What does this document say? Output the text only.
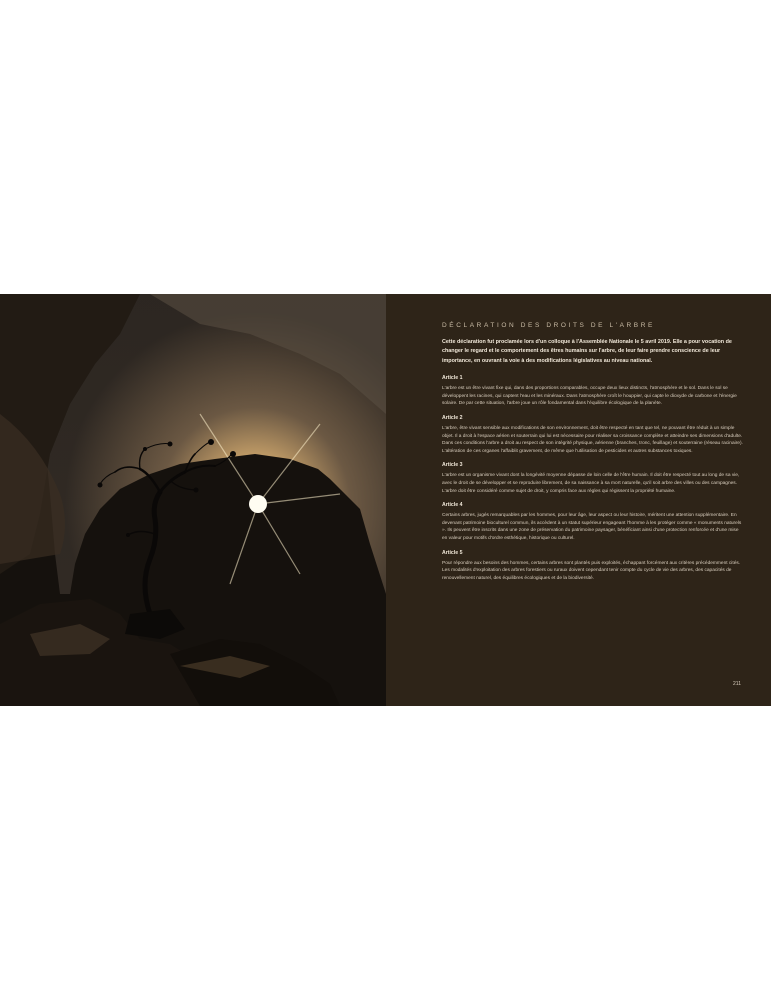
DÉCLARATION DES DROITS DE L'ARBRE

Cette déclaration fut proclamée lors d'un colloque à l'Assemblée Nationale le 5 avril 2019. Elle a pour vocation de changer le regard et le comportement des êtres humains sur l'arbre, de leur faire prendre conscience de leur importance, en ouvrant la voie à des modifications législatives au niveau national.

Article 1

L'arbre est un être vivant fixe qui, dans des proportions comparables, occupe deux lieux distincts, l'atmosphère et le sol. Dans le sol se développent les racines, qui captent l'eau et les minéraux. Dans l'atmosphère croît le houppier, qui capte le dioxyde de carbone et l'énergie solaire. De par cette situation, l'arbre joue un rôle fondamental dans l'équilibre écologique de la planète.

Article 2

L'arbre, être vivant sensible aux modifications de son environnement, doit être respecté en tant que tel, ne pouvant être réduit à un simple objet. Il a droit à l'espace aérien et souterrain qui lui est nécessaire pour réaliser sa croissance complète et atteindre ses dimensions d'adulte. Dans ces conditions l'arbre a droit au respect de son intégrité physique, aérienne (branches, tronc, feuillage) et souterraine (réseau racinaire). L'altération de ces organes l'affaiblit gravement, de même que l'utilisation de pesticides et autres substances toxiques.

Article 3

L'arbre est un organisme vivant dont la longévité moyenne dépasse de loin celle de l'être humain. Il doit être respecté tout au long de sa vie, avec le droit de se développer et se reproduire librement, de sa naissance à sa mort naturelle, qu'il soit arbre des villes ou des campagnes. L'arbre doit être considéré comme sujet de droit, y compris face aux règles qui régissent la propriété humaine.

Article 4

Certains arbres, jugés remarquables par les hommes, pour leur âge, leur aspect ou leur histoire, méritent une attention supplémentaire. En devenant patrimoine bioculturel commun, ils accèdent à un statut supérieur engageant l'homme à les protéger comme « monuments naturels ». Ils peuvent être inscrits dans une zone de préservation du patrimoine paysager, bénéficiant ainsi d'une protection renforcée et d'une mise en valeur pour motifs d'ordre esthétique, historique ou culturel.

Article 5

Pour répondre aux besoins des hommes, certains arbres sont plantés puis exploités, échappant forcément aux critères précédemment cités. Les modalités d'exploitation des arbres forestiers ou ruraux doivent cependant tenir compte du cycle de vie des arbres, des capacités de renouvellement naturel, des équilibres écologiques et de la biodiversité.

211
